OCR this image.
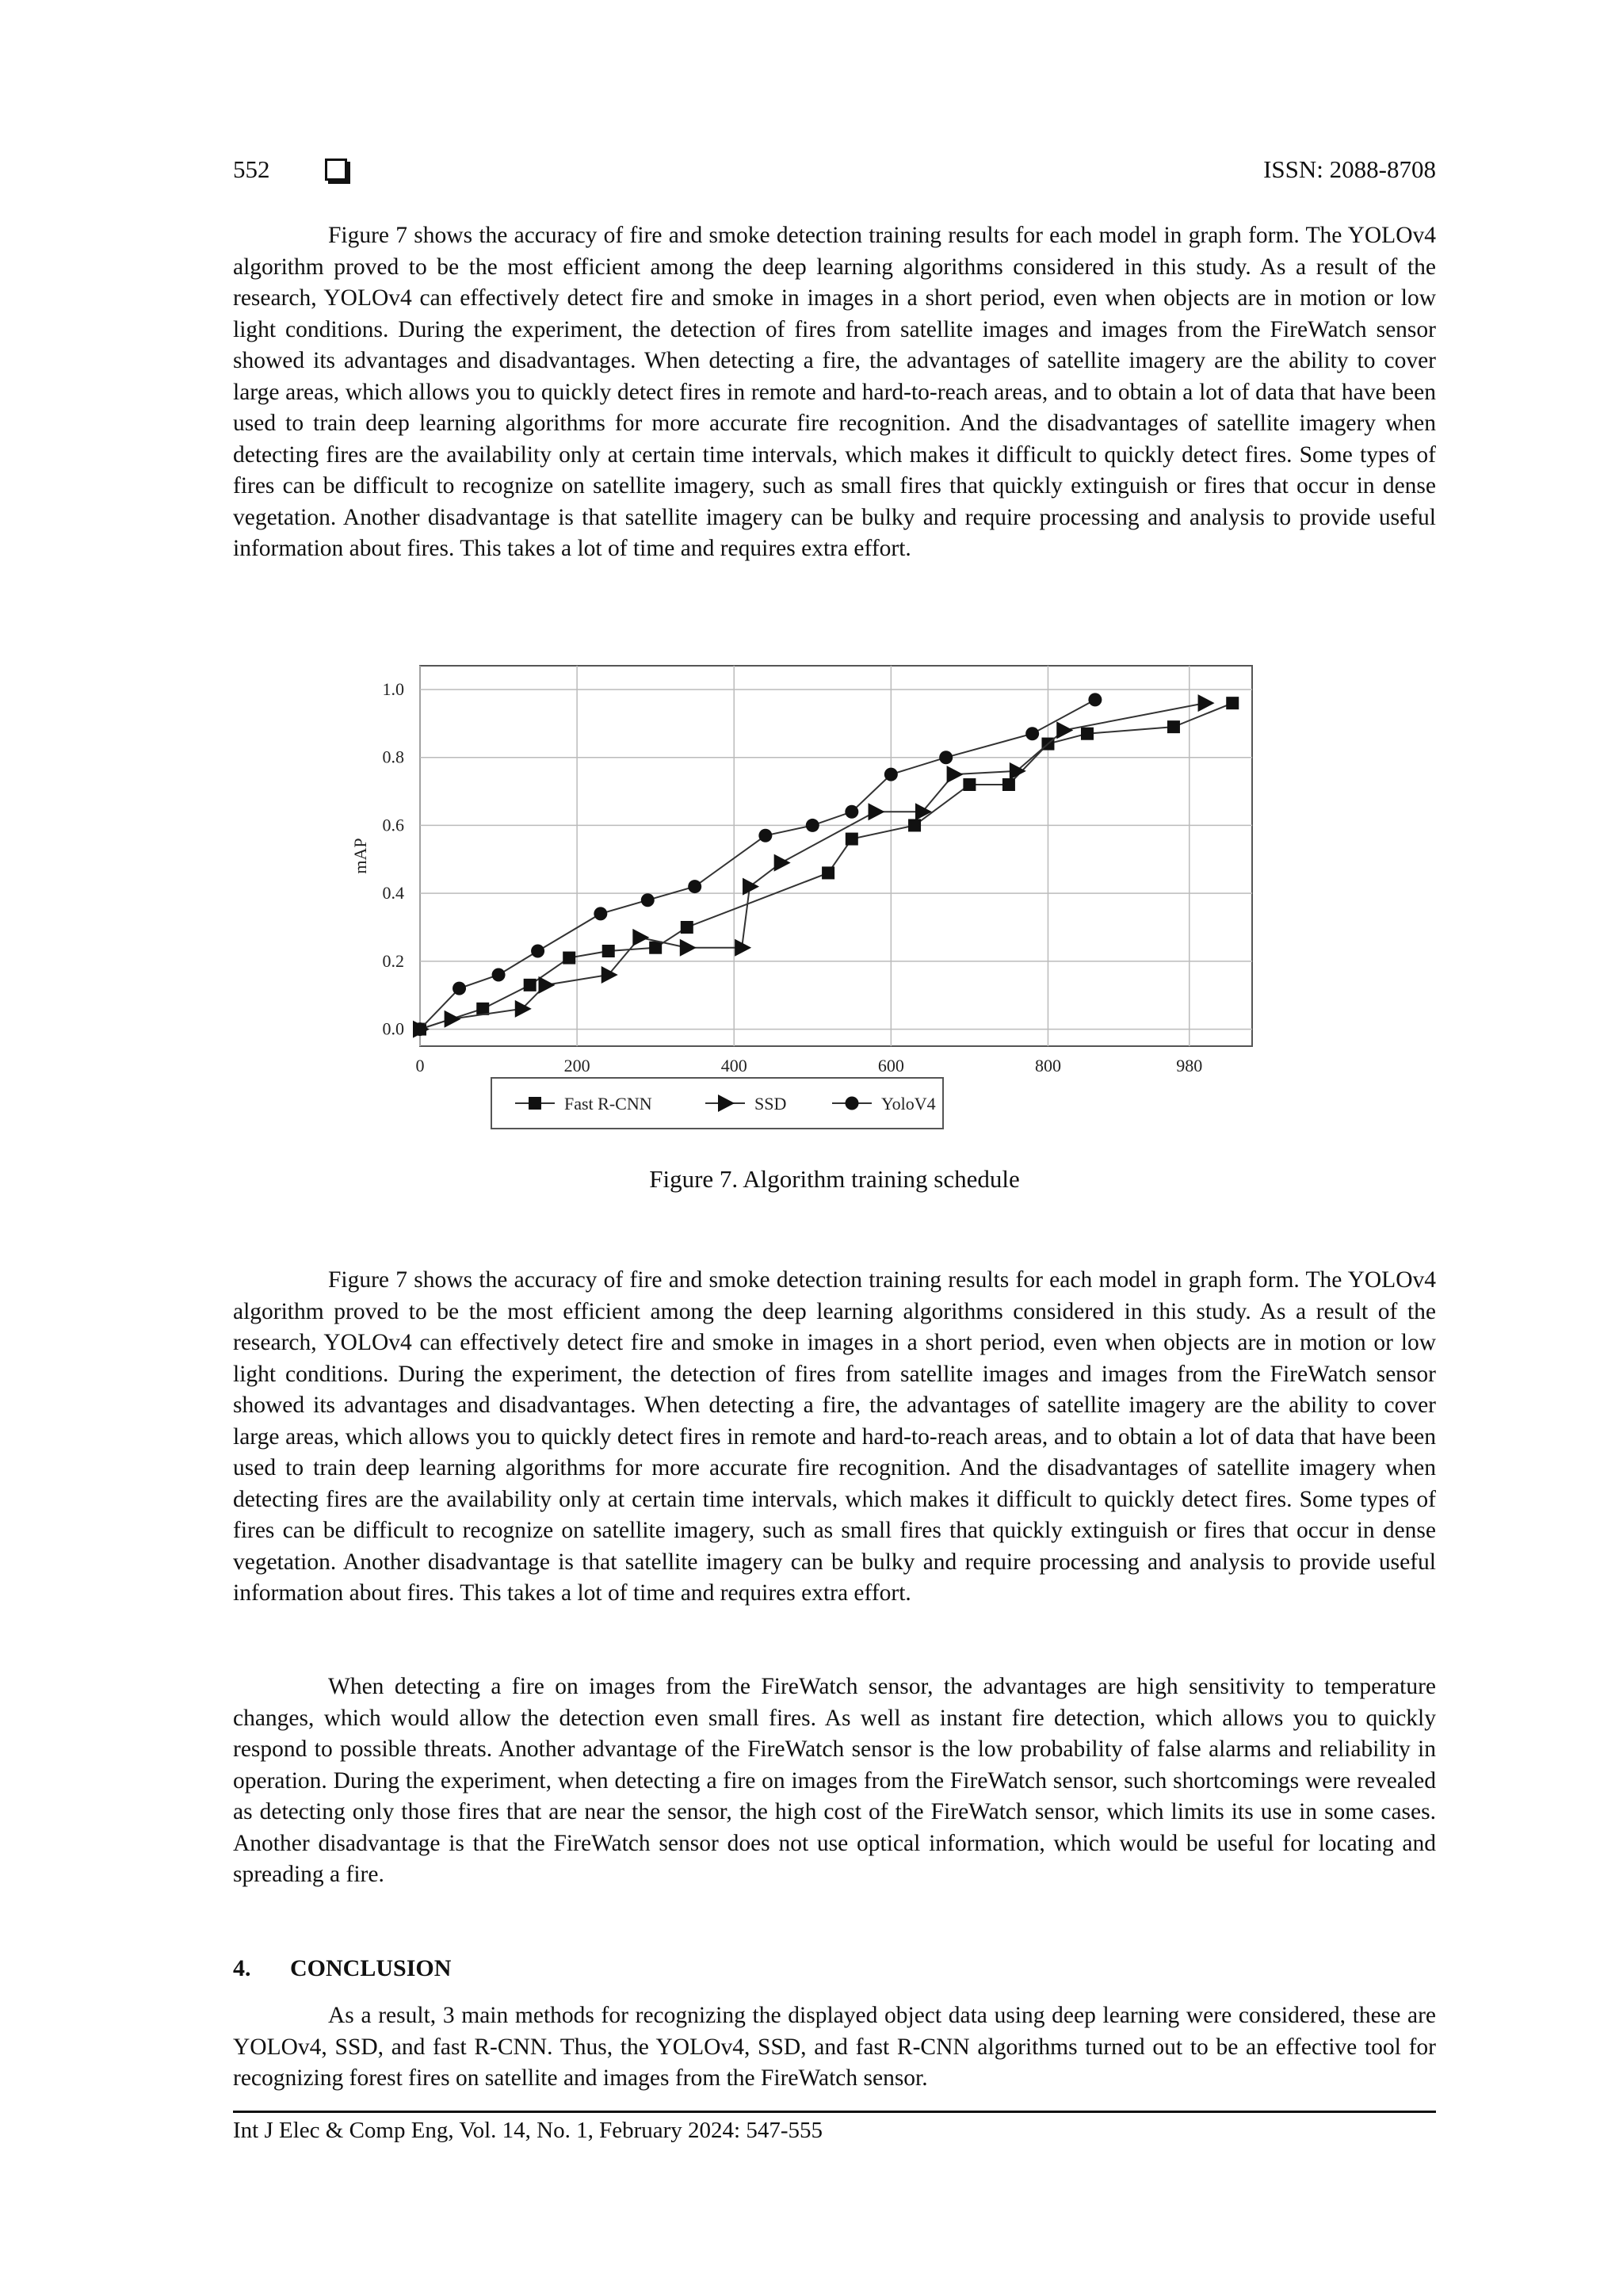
552	ISSN: 2088-8708

Figure 7 shows the accuracy of fire and smoke detection training results for each model in graph form. The YOLOv4 algorithm proved to be the most efficient among the deep learning algorithms considered in this study. As a result of the research, YOLOv4 can effectively detect fire and smoke in images in a short period, even when objects are in motion or low light conditions. During the experiment, the detection of fires from satellite images and images from the FireWatch sensor showed its advantages and disadvantages. When detecting a fire, the advantages of satellite imagery are the ability to cover large areas, which allows you to quickly detect fires in remote and hard-to-reach areas, and to obtain a lot of data that have been used to train deep learning algorithms for more accurate fire recognition. And the disadvantages of satellite imagery when detecting fires are the availability only at certain time intervals, which makes it difficult to quickly detect fires. Some types of fires can be difficult to recognize on satellite imagery, such as small fires that quickly extinguish or fires that occur in dense vegetation. Another disadvantage is that satellite imagery can be bulky and require processing and analysis to provide useful information about fires. This takes a lot of time and requires extra effort.

0	200	400	600	800	980
0.0
0.2
0.4
0.6
0.8
1.0
mAP
Fast R-CNN	SSD	YoloV4
Figure 7. Algorithm training schedule

Figure 7 shows the accuracy of fire and smoke detection training results for each model in graph form. The YOLOv4 algorithm proved to be the most efficient among the deep learning algorithms considered in this study. As a result of the research, YOLOv4 can effectively detect fire and smoke in images in a short period, even when objects are in motion or low light conditions. During the experiment, the detection of fires from satellite images and images from the FireWatch sensor showed its advantages and disadvantages. When detecting a fire, the advantages of satellite imagery are the ability to cover large areas, which allows you to quickly detect fires in remote and hard-to-reach areas, and to obtain a lot of data that have been used to train deep learning algorithms for more accurate fire recognition. And the disadvantages of satellite imagery when detecting fires are the availability only at certain time intervals, which makes it difficult to quickly detect fires. Some types of fires can be difficult to recognize on satellite imagery, such as small fires that quickly extinguish or fires that occur in dense vegetation. Another disadvantage is that satellite imagery can be bulky and require processing and analysis to provide useful information about fires. This takes a lot of time and requires extra effort.

When detecting a fire on images from the FireWatch sensor, the advantages are high sensitivity to temperature changes, which would allow the detection even small fires. As well as instant fire detection, which allows you to quickly respond to possible threats. Another advantage of the FireWatch sensor is the low probability of false alarms and reliability in operation. During the experiment, when detecting a fire on images from the FireWatch sensor, such shortcomings were revealed as detecting only those fires that are near the sensor, the high cost of the FireWatch sensor, which limits its use in some cases. Another disadvantage is that the FireWatch sensor does not use optical information, which would be useful for locating and spreading a fire.

4. CONCLUSION

As a result, 3 main methods for recognizing the displayed object data using deep learning were considered, these are YOLOv4, SSD, and fast R-CNN. Thus, the YOLOv4, SSD, and fast R-CNN algorithms turned out to be an effective tool for recognizing forest fires on satellite and images from the FireWatch sensor.

Int J Elec & Comp Eng, Vol. 14, No. 1, February 2024: 547-555
